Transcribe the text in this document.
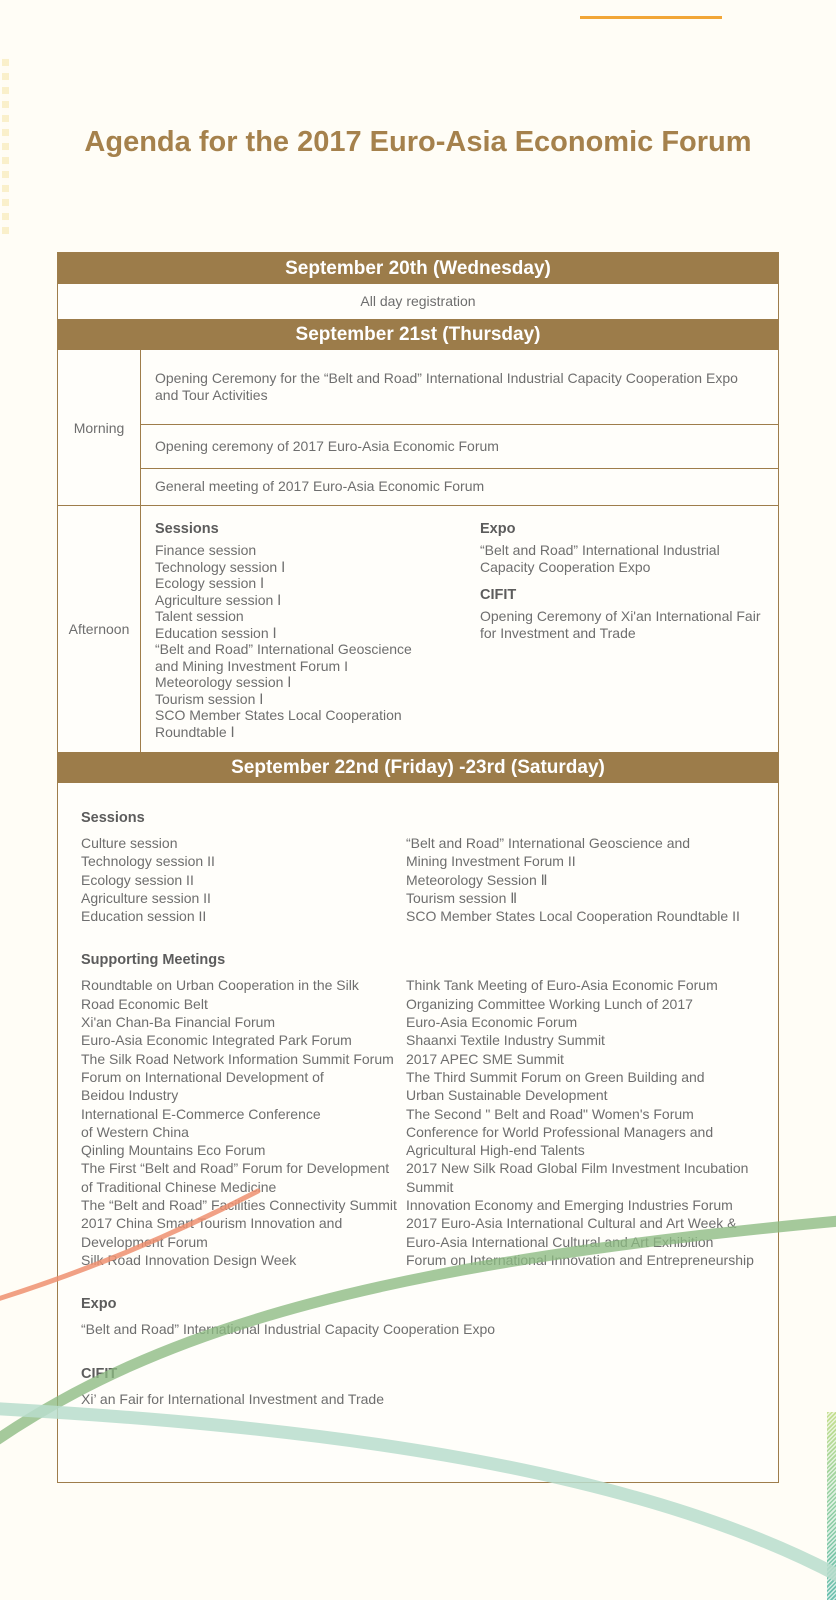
Agenda for the 2017 Euro-Asia Economic Forum
September 20th (Wednesday)
All day registration
September 21st (Thursday)
Morning
Opening Ceremony for the “Belt and Road” International Industrial Capacity Cooperation Expo and Tour Activities
Opening ceremony of 2017 Euro-Asia Economic Forum
General meeting of 2017 Euro-Asia Economic Forum
Afternoon
Sessions
Finance session
Technology session Ⅰ
Ecology session Ⅰ
Agriculture session Ⅰ
Talent session
Education session Ⅰ
“Belt and Road” International Geoscience
and Mining Investment Forum I
Meteorology session Ⅰ
Tourism session Ⅰ
SCO Member States Local Cooperation
Roundtable Ⅰ
Expo
“Belt and Road” International Industrial
Capacity Cooperation Expo
CIFIT
Opening Ceremony of Xi'an International Fair
for Investment and Trade
September 22nd (Friday) -23rd (Saturday)
Sessions
Culture session
Technology session II
Ecology session II
Agriculture session II
Education session II
“Belt and Road” International Geoscience and
Mining Investment Forum II
Meteorology Session Ⅱ
Tourism session Ⅱ
SCO Member States Local Cooperation Roundtable II
Supporting Meetings
Roundtable on Urban Cooperation in the Silk
Road Economic Belt
Xi'an Chan-Ba Financial Forum
Euro-Asia Economic Integrated Park Forum
The Silk Road Network Information Summit Forum
Forum on International Development of
Beidou Industry
International E-Commerce Conference
of Western China
Qinling Mountains Eco Forum
The First “Belt and Road” Forum for Development
of Traditional Chinese Medicine
The “Belt and Road” Facilities Connectivity Summit
2017 China Smart Tourism Innovation and
Development Forum
Silk Road Innovation Design Week
Think Tank Meeting of Euro-Asia Economic Forum
Organizing Committee Working Lunch of 2017
Euro-Asia Economic Forum
Shaanxi Textile Industry Summit
2017 APEC SME Summit
The Third Summit Forum on Green Building and
Urban Sustainable Development
The Second " Belt and Road" Women's Forum
Conference for World Professional Managers and
Agricultural High-end Talents
2017 New Silk Road Global Film Investment Incubation
Summit
Innovation Economy and Emerging Industries Forum
2017 Euro-Asia International Cultural and Art Week &
Euro-Asia International Cultural and Art Exhibition
Forum on International Innovation and Entrepreneurship
Expo
“Belt and Road” International Industrial Capacity Cooperation Expo
CIFIT
Xi’ an Fair for International Investment and Trade
